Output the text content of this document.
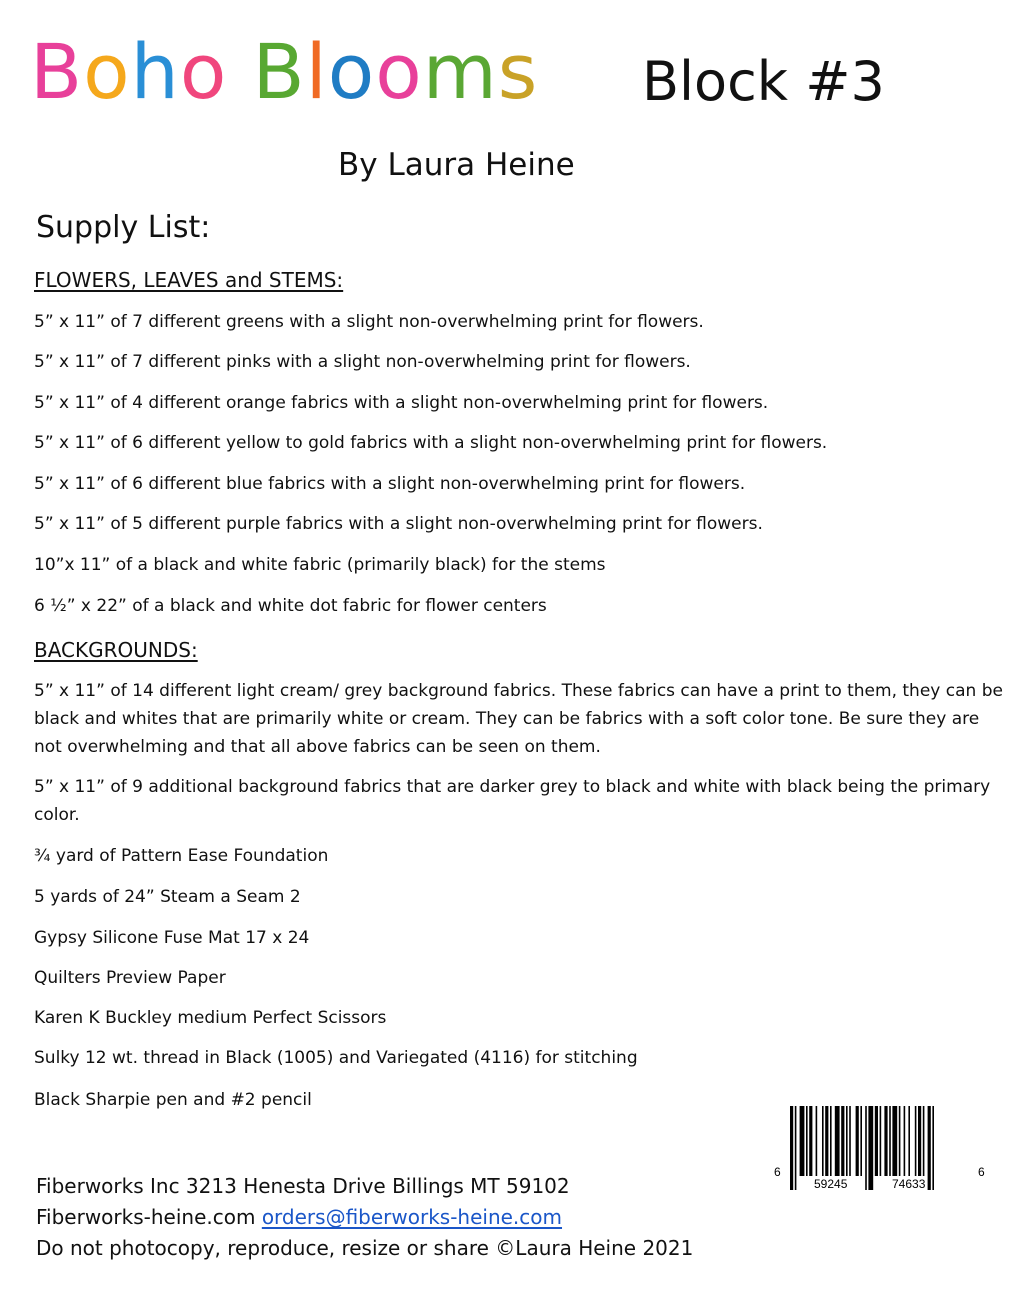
Boho Blooms Block #3
By Laura Heine
Supply List:
FLOWERS, LEAVES and STEMS:
5” x 11” of 7 different greens with a slight non-overwhelming print for flowers.
5” x 11” of 7 different pinks with a slight non-overwhelming print for flowers.
5” x 11” of 4 different orange fabrics with a slight non-overwhelming print for flowers.
5” x 11” of 6 different yellow to gold fabrics with a slight non-overwhelming print for flowers.
5” x 11” of 6 different blue fabrics with a slight non-overwhelming print for flowers.
5” x 11” of 5 different purple fabrics with a slight non-overwhelming print for flowers.
10”x 11” of a black and white fabric (primarily black) for the stems
6 ½” x 22” of a black and white dot fabric for flower centers
BACKGROUNDS:
5” x 11” of 14 different light cream/ grey background fabrics. These fabrics can have a print to them, they can be black and whites that are primarily white or cream. They can be fabrics with a soft color tone. Be sure they are not overwhelming and that all above fabrics can be seen on them.
5” x 11” of 9 additional background fabrics that are darker grey to black and white with black being the primary color.
¾ yard of Pattern Ease Foundation
5 yards of 24” Steam a Seam 2
Gypsy Silicone Fuse Mat 17 x 24
Quilters Preview Paper
Karen K Buckley medium Perfect Scissors
Sulky 12 wt. thread in Black (1005) and Variegated (4116) for stitching
Black Sharpie pen and #2 pencil
6
59245	74633
6
Fiberworks Inc 3213 Henesta Drive Billings MT 59102
Fiberworks-heine.com orders@fiberworks-heine.com
Do not photocopy, reproduce, resize or share ©Laura Heine 2021
